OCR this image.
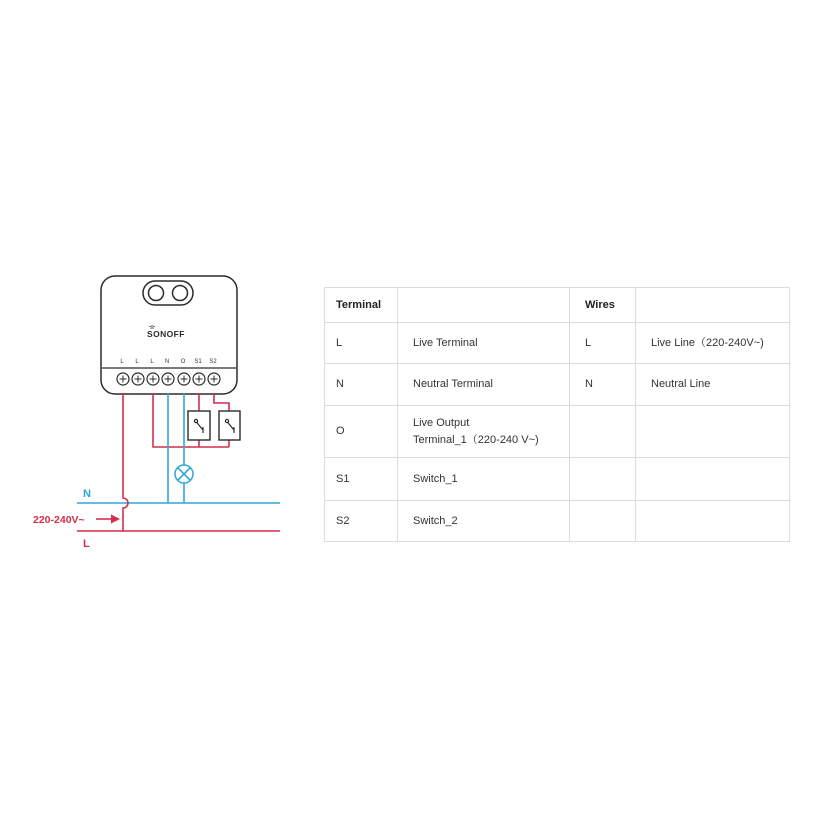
SONOFF
L L L N O S1 S2
N
220-240V~
L
Terminal		Wires	
L	Live Terminal	L	Live Line（220-240V~)
N	Neutral Terminal	N	Neutral Line
O	Live Output
Terminal_1（220-240 V~)		
S1	Switch_1		
S2	Switch_2		
